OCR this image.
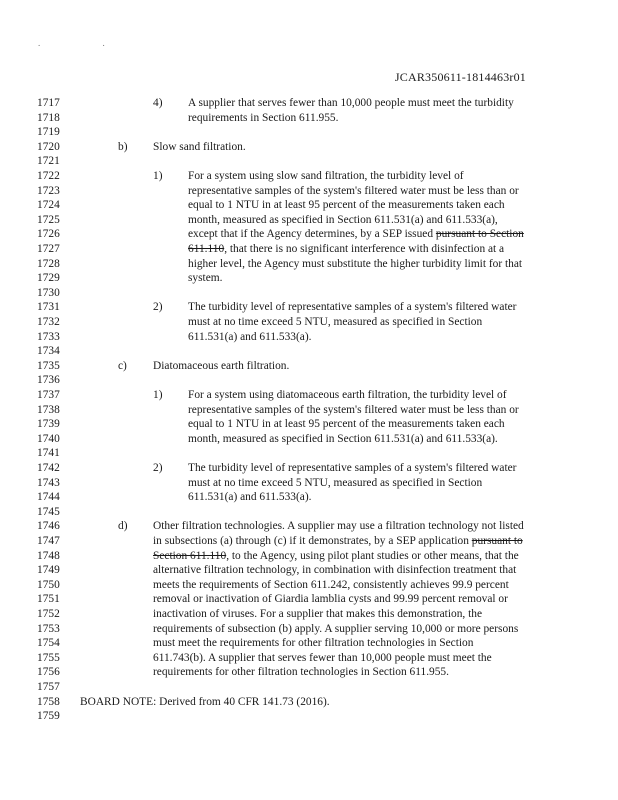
. .
JCAR350611-1814463r01
1717	4) A supplier that serves fewer than 10,000 people must meet the turbidity
1718	requirements in Section 611.955.
1719
1720	b) Slow sand filtration.
1721
1722	1) For a system using slow sand filtration, the turbidity level of
1723	representative samples of the system's filtered water must be less than or
1724	equal to 1 NTU in at least 95 percent of the measurements taken each
1725	month, measured as specified in Section 611.531(a) and 611.533(a),
1726	except that if the Agency determines, by a SEP issued pursuant to Section
1727	611.110, that there is no significant interference with disinfection at a
1728	higher level, the Agency must substitute the higher turbidity limit for that
1729	system.
1730
1731	2) The turbidity level of representative samples of a system's filtered water
1732	must at no time exceed 5 NTU, measured as specified in Section
1733	611.531(a) and 611.533(a).
1734
1735	c) Diatomaceous earth filtration.
1736
1737	1) For a system using diatomaceous earth filtration, the turbidity level of
1738	representative samples of the system's filtered water must be less than or
1739	equal to 1 NTU in at least 95 percent of the measurements taken each
1740	month, measured as specified in Section 611.531(a) and 611.533(a).
1741
1742	2) The turbidity level of representative samples of a system's filtered water
1743	must at no time exceed 5 NTU, measured as specified in Section
1744	611.531(a) and 611.533(a).
1745
1746	d) Other filtration technologies. A supplier may use a filtration technology not listed
1747	in subsections (a) through (c) if it demonstrates, by a SEP application pursuant to
1748	Section 611.110, to the Agency, using pilot plant studies or other means, that the
1749	alternative filtration technology, in combination with disinfection treatment that
1750	meets the requirements of Section 611.242, consistently achieves 99.9 percent
1751	removal or inactivation of Giardia lamblia cysts and 99.99 percent removal or
1752	inactivation of viruses. For a supplier that makes this demonstration, the
1753	requirements of subsection (b) apply. A supplier serving 10,000 or more persons
1754	must meet the requirements for other filtration technologies in Section
1755	611.743(b). A supplier that serves fewer than 10,000 people must meet the
1756	requirements for other filtration technologies in Section 611.955.
1757
1758	BOARD NOTE: Derived from 40 CFR 141.73 (2016).
1759
